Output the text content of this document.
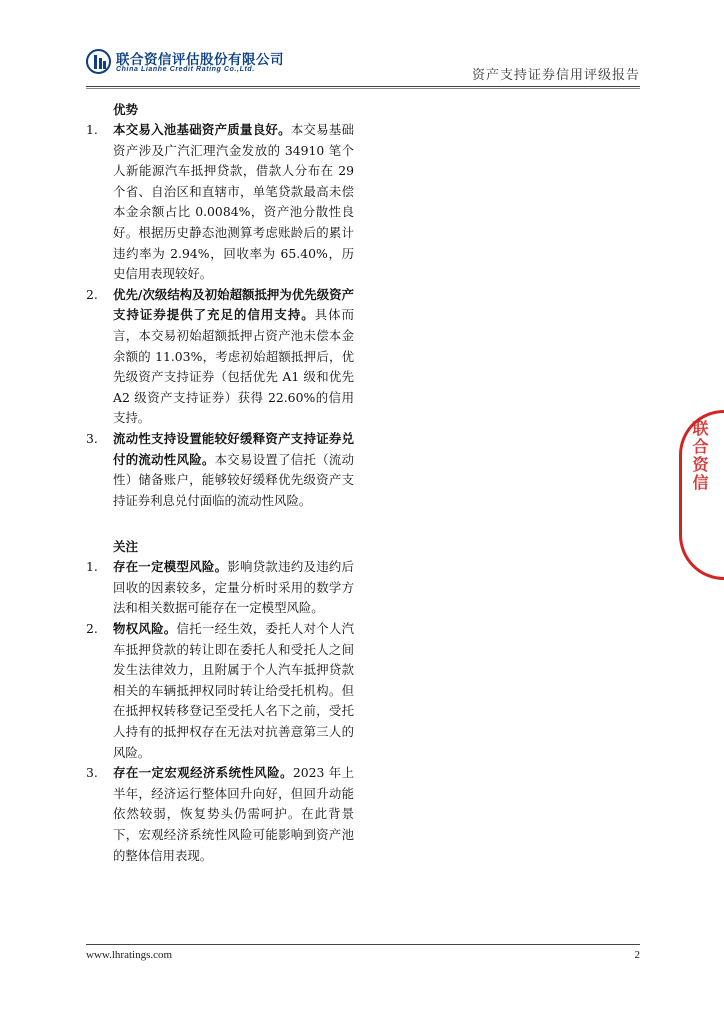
联合资信评估股份有限公司
China Lianhe Credit Rating Co.,Ltd.	资产支持证券信用评级报告
优势
1. 本交易入池基础资产质量良好。本交易基础资产涉及广汽汇理汽金发放的 34910 笔个人新能源汽车抵押贷款，借款人分布在 29 个省、自治区和直辖市，单笔贷款最高未偿本金余额占比 0.0084%，资产池分散性良好。根据历史静态池测算考虑账龄后的累计违约率为 2.94%，回收率为 65.40%，历史信用表现较好。
2. 优先/次级结构及初始超额抵押为优先级资产支持证券提供了充足的信用支持。具体而言，本交易初始超额抵押占资产池未偿本金余额的 11.03%，考虑初始超额抵押后，优先级资产支持证券（包括优先 A1 级和优先 A2 级资产支持证券）获得 22.60%的信用支持。
3. 流动性支持设置能较好缓释资产支持证券兑付的流动性风险。本交易设置了信托（流动性）储备账户，能够较好缓释优先级资产支持证券利息兑付面临的流动性风险。
关注
1. 存在一定模型风险。影响贷款违约及违约后回收的因素较多，定量分析时采用的数学方法和相关数据可能存在一定模型风险。
2. 物权风险。信托一经生效，委托人对个人汽车抵押贷款的转让即在委托人和受托人之间发生法律效力，且附属于个人汽车抵押贷款相关的车辆抵押权同时转让给受托机构。但在抵押权转移登记至受托人名下之前，受托人持有的抵押权存在无法对抗善意第三人的风险。
3. 存在一定宏观经济系统性风险。2023 年上半年，经济运行整体回升向好，但回升动能依然较弱，恢复势头仍需呵护。在此背景下，宏观经济系统性风险可能影响到资产池的整体信用表现。
联合资信
www.lhratings.com	2
